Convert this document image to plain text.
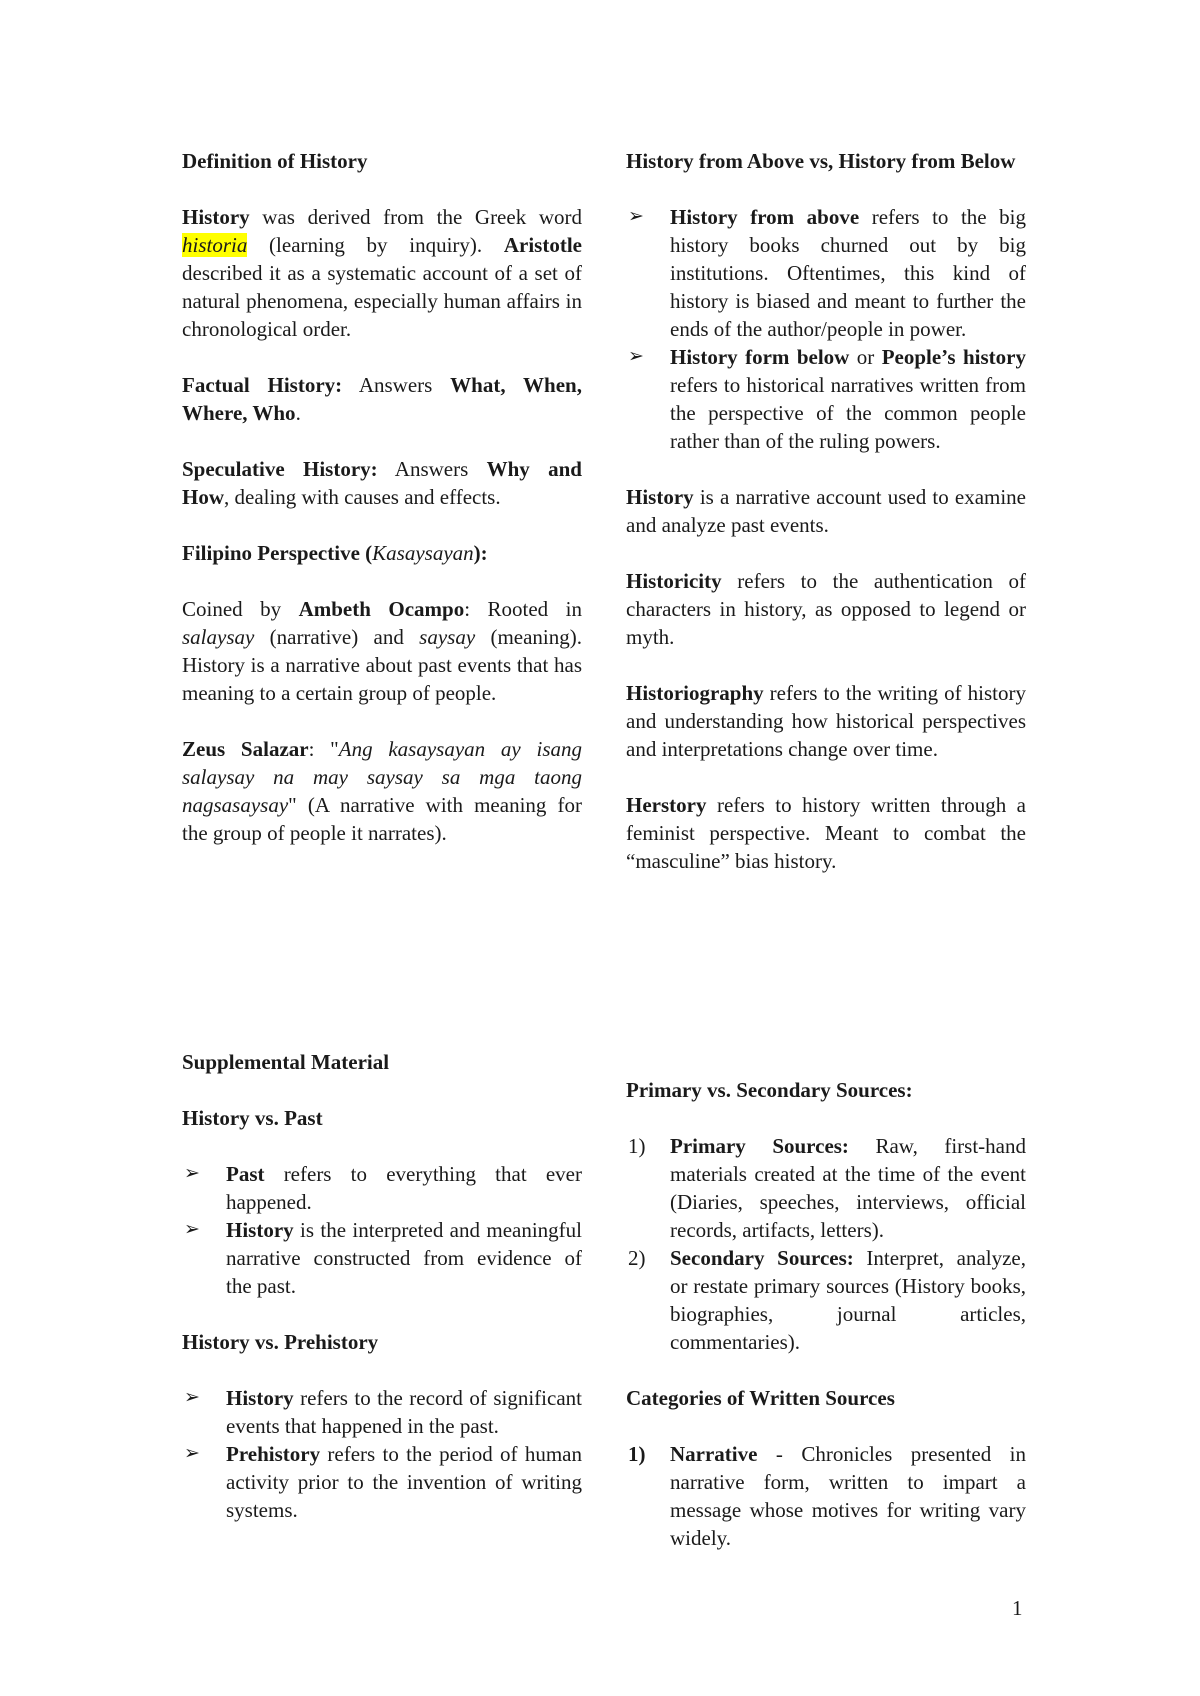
Definition of History

History was derived from the Greek word historia (learning by inquiry). Aristotle described it as a systematic account of a set of natural phenomena, especially human affairs in chronological order.

Factual History: Answers What, When, Where, Who.

Speculative History: Answers Why and How, dealing with causes and effects.

Filipino Perspective (Kasaysayan):

Coined by Ambeth Ocampo: Rooted in salaysay (narrative) and saysay (meaning). History is a narrative about past events that has meaning to a certain group of people.

Zeus Salazar: "Ang kasaysayan ay isang salaysay na may saysay sa mga taong nagsasaysay" (A narrative with meaning for the group of people it narrates).

History from Above vs, History from Below

➢ History from above refers to the big history books churned out by big institutions. Oftentimes, this kind of history is biased and meant to further the ends of the author/people in power.
➢ History form below or People’s history refers to historical narratives written from the perspective of the common people rather than of the ruling powers.

History is a narrative account used to examine and analyze past events.

Historicity refers to the authentication of characters in history, as opposed to legend or myth.

Historiography refers to the writing of history and understanding how historical perspectives and interpretations change over time.

Herstory refers to history written through a feminist perspective. Meant to combat the “masculine” bias history.

Supplemental Material

History vs. Past

➢ Past refers to everything that ever happened.
➢ History is the interpreted and meaningful narrative constructed from evidence of the past.

History vs. Prehistory

➢ History refers to the record of significant events that happened in the past.
➢ Prehistory refers to the period of human activity prior to the invention of writing systems.

Primary vs. Secondary Sources:

1) Primary Sources: Raw, first-hand materials created at the time of the event (Diaries, speeches, interviews, official records, artifacts, letters).
2) Secondary Sources: Interpret, analyze, or restate primary sources (History books, biographies, journal articles, commentaries).

Categories of Written Sources

1) Narrative - Chronicles presented in narrative form, written to impart a message whose motives for writing vary widely.
1
